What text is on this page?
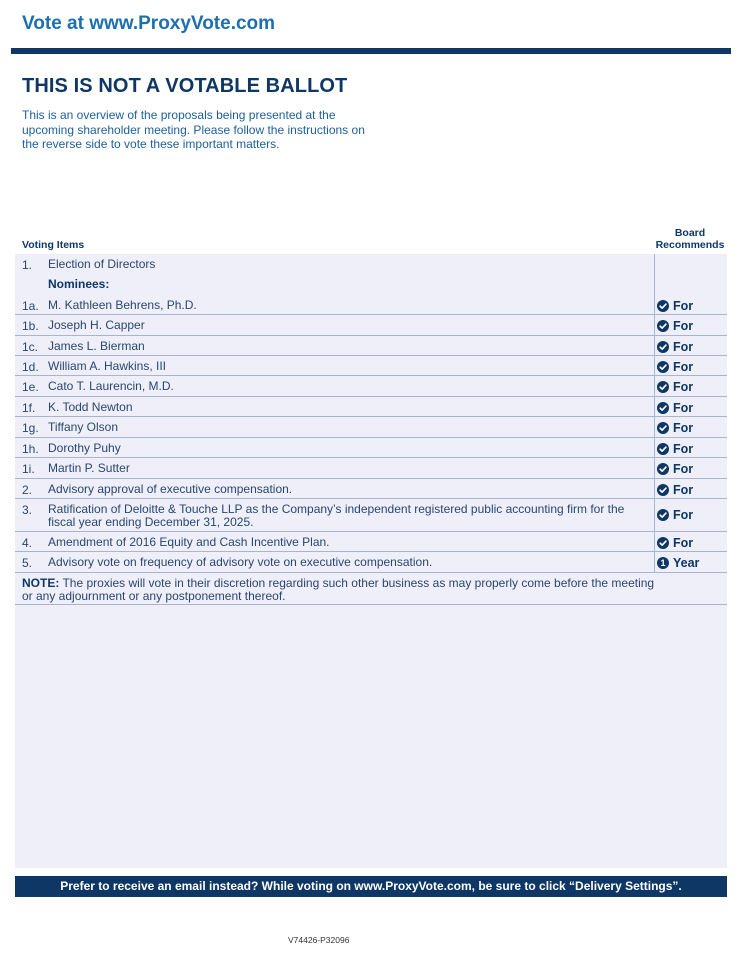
Vote at www.ProxyVote.com
THIS IS NOT A VOTABLE BALLOT
This is an overview of the proposals being presented at the upcoming shareholder meeting. Please follow the instructions on the reverse side to vote these important matters.
Board
Recommends
Voting Items
1. Election of Directors
Nominees:
1a. M. Kathleen Behrens, Ph.D.	For
1b. Joseph H. Capper	For
1c. James L. Bierman	For
1d. William A. Hawkins, III	For
1e. Cato T. Laurencin, M.D.	For
1f. K. Todd Newton	For
1g. Tiffany Olson	For
1h. Dorothy Puhy	For
1i. Martin P. Sutter	For
2. Advisory approval of executive compensation.	For
3. Ratification of Deloitte & Touche LLP as the Company’s independent registered public accounting firm for the fiscal year ending December 31, 2025.	For
4. Amendment of 2016 Equity and Cash Incentive Plan.	For
5. Advisory vote on frequency of advisory vote on executive compensation.	1 Year
NOTE: The proxies will vote in their discretion regarding such other business as may properly come before the meeting or any adjournment or any postponement thereof.
Prefer to receive an email instead? While voting on www.ProxyVote.com, be sure to click “Delivery Settings”.
V74426-P32096
